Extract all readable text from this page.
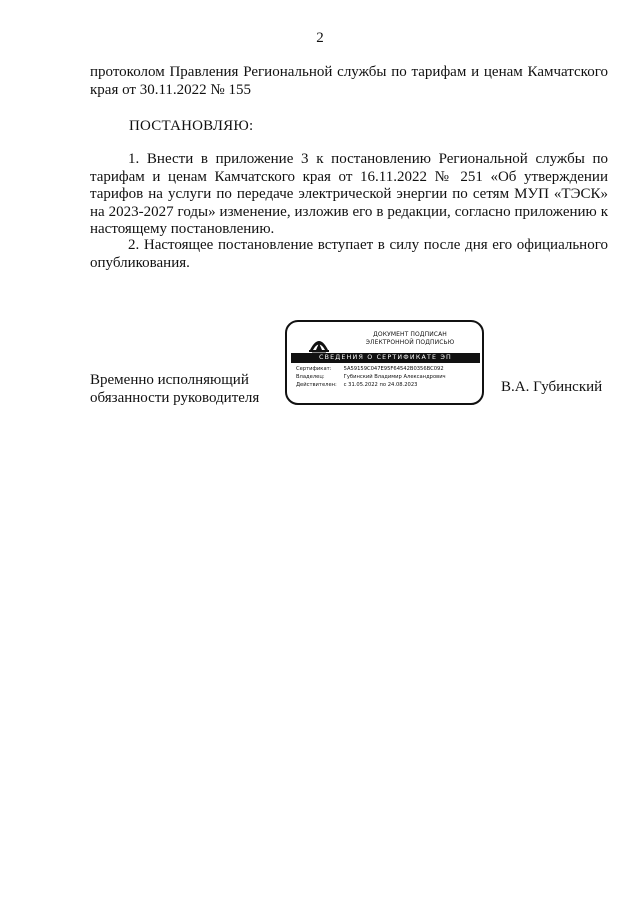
2
протоколом Правления Региональной службы по тарифам и ценам Камчатского края от 30.11.2022 № 155
ПОСТАНОВЛЯЮ:
1. Внести в приложение 3 к постановлению Региональной службы по тарифам и ценам Камчатского края от 16.11.2022 № 251 «Об утверждении тарифов на услуги по передаче электрической энергии по сетям МУП «ТЭСК» на 2023-2027 годы» изменение, изложив его в редакции, согласно приложению к настоящему постановлению.
2. Настоящее постановление вступает в силу после дня его официального опубликования.
Временно исполняющий
обязанности руководителя
ДОКУМЕНТ ПОДПИСАН
ЭЛЕКТРОННОЙ ПОДПИСЬЮ
СВЕДЕНИЯ О СЕРТИФИКАТЕ ЭП
Сертификат: 5A59159C047E95F64542B0356BC092
Владелец:	Губинский Владимир Александрович
Действителен: с 31.05.2022 по 24.08.2023	В.А. Губинский
